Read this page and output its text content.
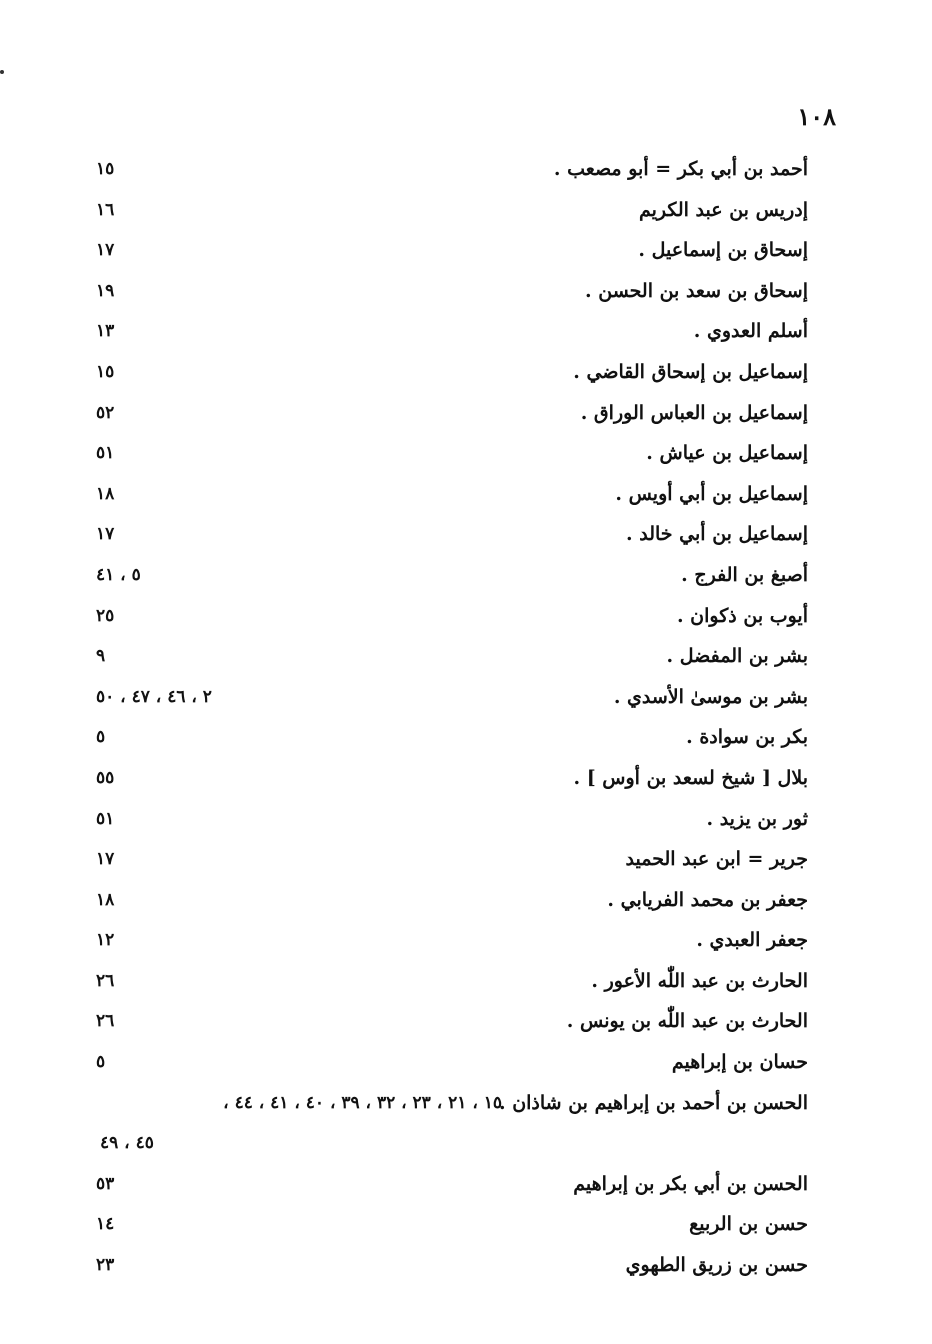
١٠٨
أحمد بن أبي بكر = أبو مصعب .
١٥
إدريس بن عبد الكريم
١٦
إسحاق بن إسماعيل .
١٧
إسحاق بن سعد بن الحسن .
١٩
أسلم العدوي .
١٣
إسماعيل بن إسحاق القاضي .
١٥
إسماعيل بن العباس الوراق .
٥٢
إسماعيل بن عياش .
٥١
إسماعيل بن أبي أويس .
١٨
إسماعيل بن أبي خالد .
١٧
أصبغ بن الفرج .
٥ ، ٤١
أيوب بن ذكوان .
٢٥
بشر بن المفضل .
٩
بشر بن موسىٰ الأسدي .
٢ ، ٤٦ ، ٤٧ ، ٥٠
بكر بن سوادة .
٥
بلال [ شيخ لسعد بن أوس ] .
٥٥
ثور بن يزيد .
٥١
جرير = ابن عبد الحميد
١٧
جعفر بن محمد الفريابي .
١٨
جعفر العبدي .
١٢
الحارث بن عبد اللّٰه الأعور .
٢٦
الحارث بن عبد اللّٰه بن يونس .
٢٦
حسان بن إبراهيم
٥
الحسن بن أحمد بن إبراهيم بن شاذان .
١٥ ، ٢١ ، ٢٣ ، ٣٢ ، ٣٩ ، ٤٠ ، ٤١ ، ٤٤ ،
٤٥ ، ٤٩
الحسن بن أبي بكر بن إبراهيم
٥٣
حسن بن الربيع
١٤
حسن بن زريق الطهوي
٢٣
